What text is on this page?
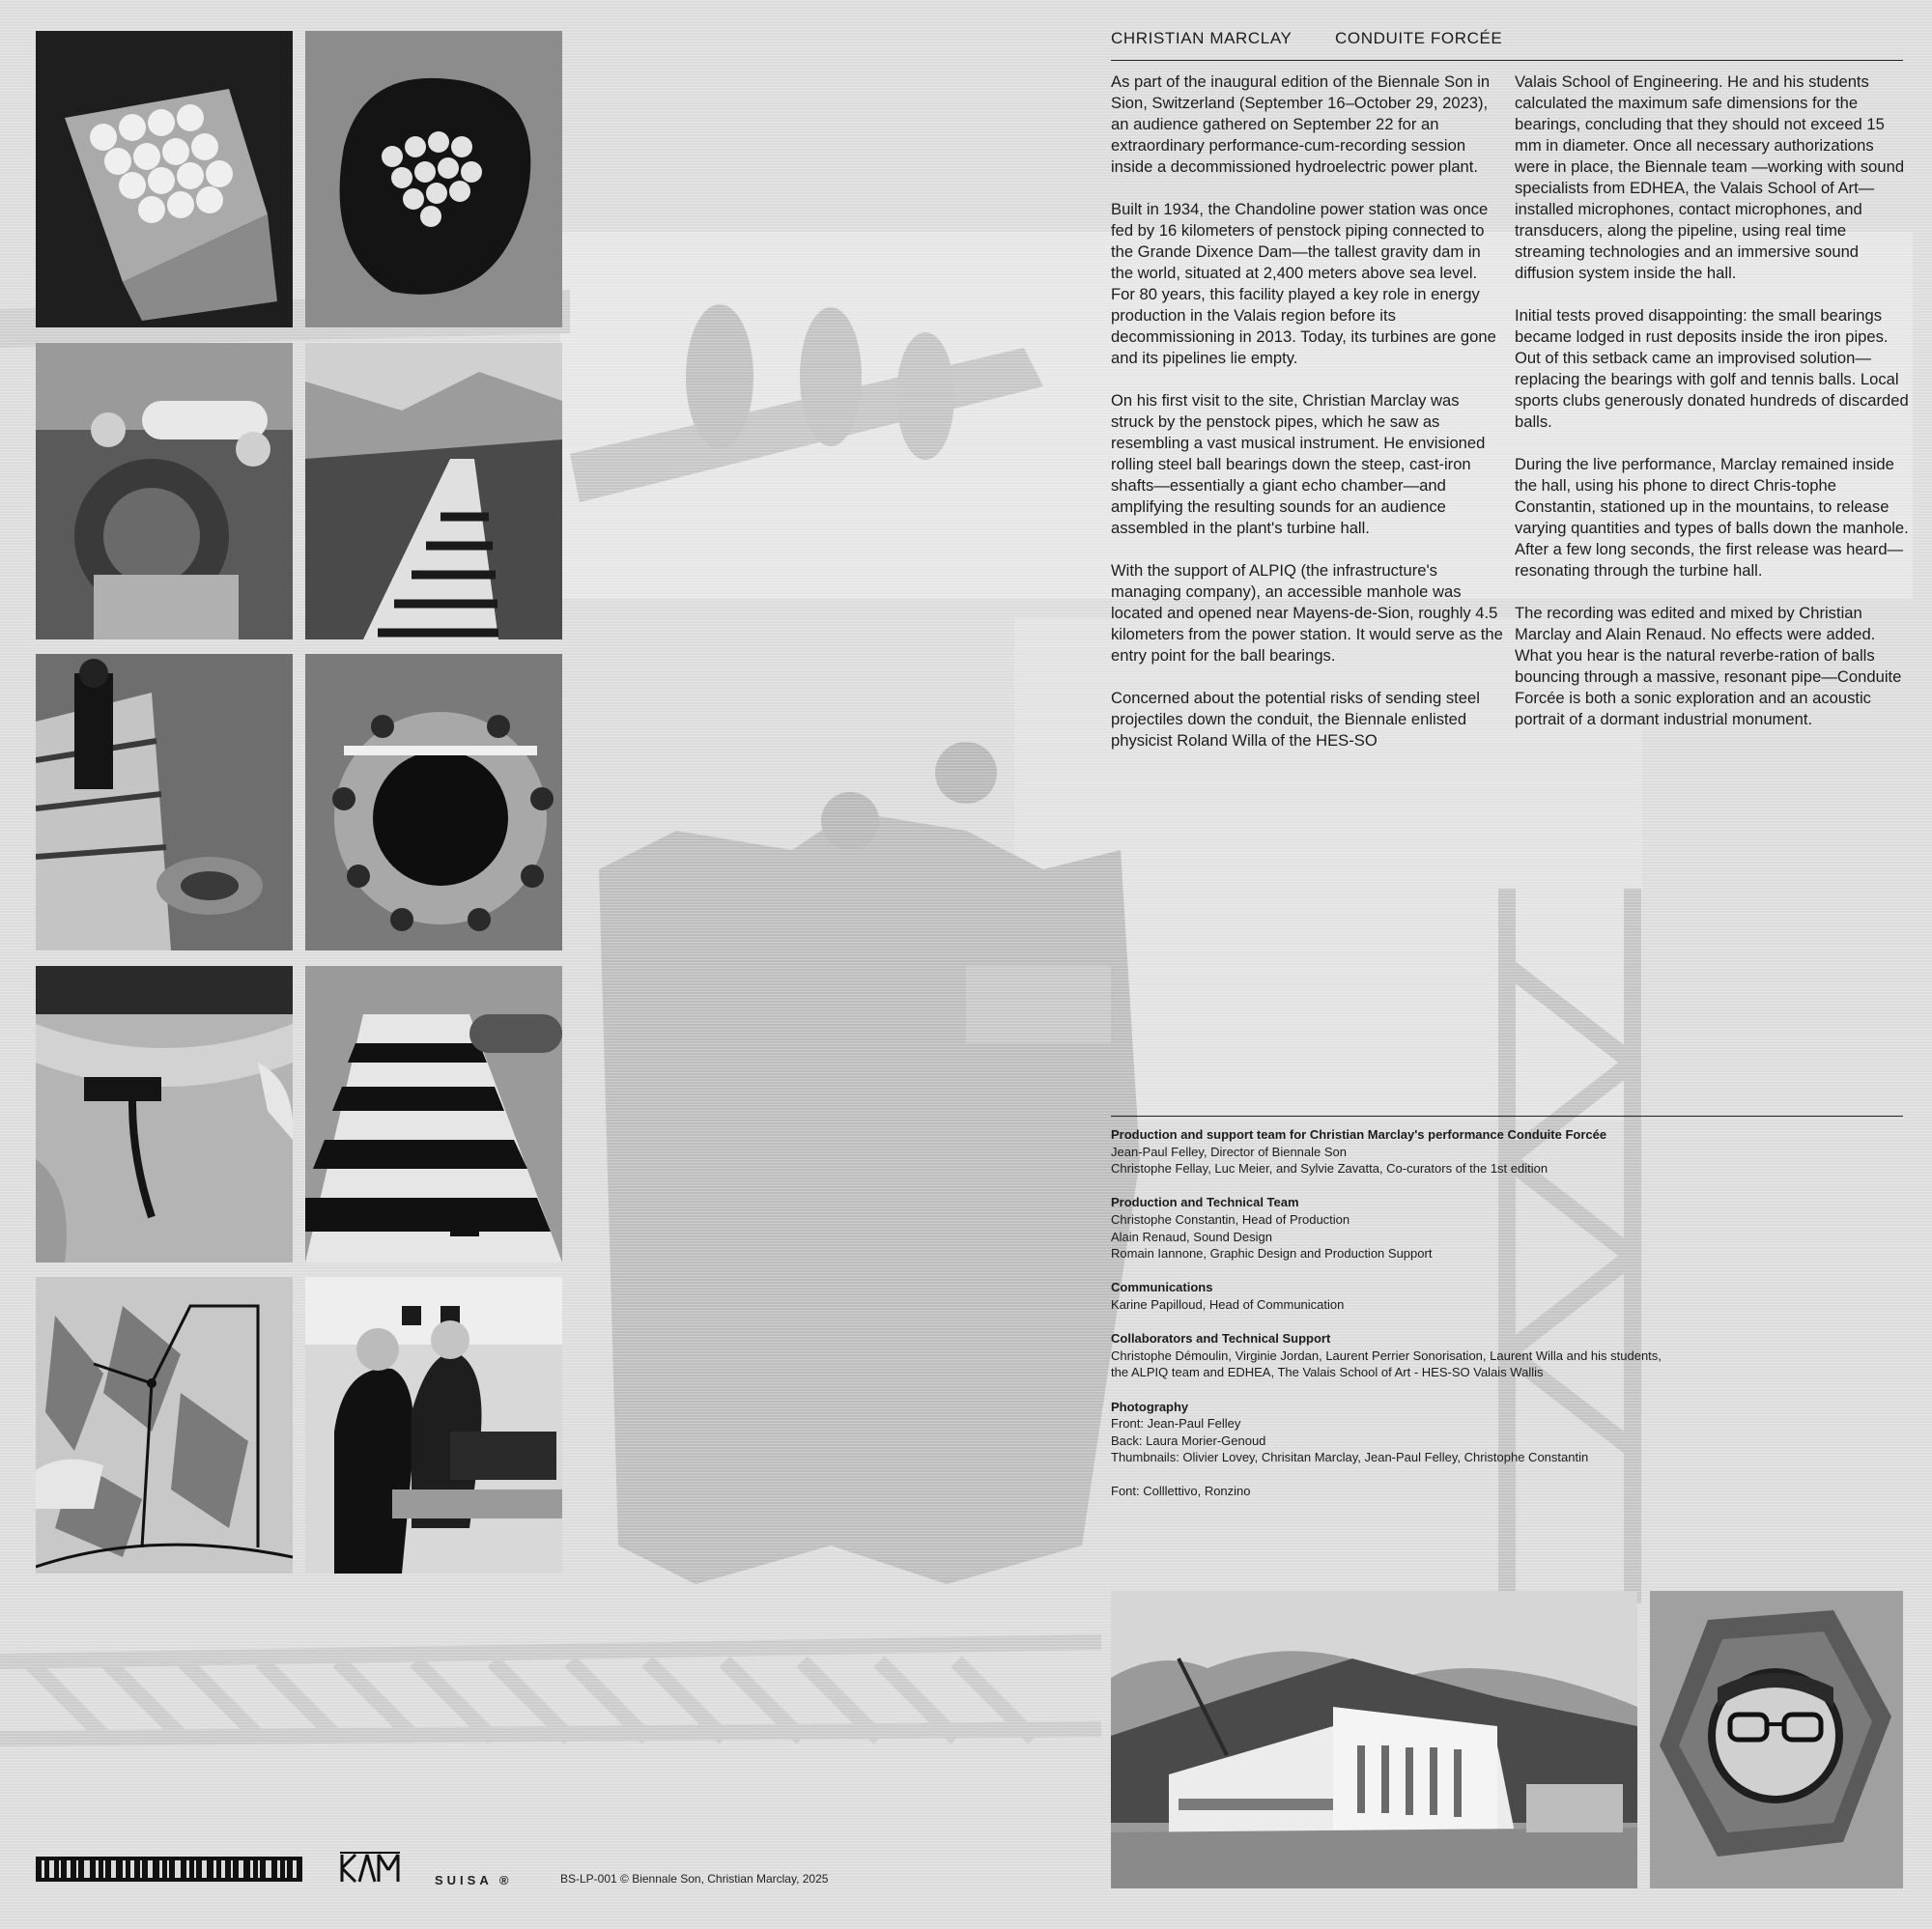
CHRISTIAN MARCLAY	CONDUITE FORCÉE

As part of the inaugural edition of the Biennale Son in Sion, Switzerland (September 16–October 29, 2023), an audience gathered on September 22 for an extraordinary performance-cum-recording session inside a decommissioned hydroelectric power plant.

Built in 1934, the Chandoline power station was once fed by 16 kilometers of penstock piping connected to the Grande Dixence Dam—the tallest gravity dam in the world, situated at 2,400 meters above sea level. For 80 years, this facility played a key role in energy production in the Valais region before its decommissioning in 2013. Today, its turbines are gone and its pipelines lie empty.

On his first visit to the site, Christian Marclay was struck by the penstock pipes, which he saw as resembling a vast musical instrument. He envisioned rolling steel ball bearings down the steep, cast-iron shafts—essentially a giant echo chamber—and amplifying the resulting sounds for an audience assembled in the plant's turbine hall.

With the support of ALPIQ (the infrastructure's managing company), an accessible manhole was located and opened near Mayens-de-Sion, roughly 4.5 kilometers from the power station. It would serve as the entry point for the ball bearings.

Concerned about the potential risks of sending steel projectiles down the conduit, the Biennale enlisted physicist Roland Willa of the HES-SO

Valais School of Engineering. He and his students calculated the maximum safe dimensions for the bearings, concluding that they should not exceed 15 mm in diameter. Once all necessary authorizations were in place, the Biennale team —working with sound specialists from EDHEA, the Valais School of Art—installed microphones, contact microphones, and transducers, along the pipeline, using real time streaming technologies and an immersive sound diffusion system inside the hall.

Initial tests proved disappointing: the small bearings became lodged in rust deposits inside the iron pipes. Out of this setback came an improvised solution—replacing the bearings with golf and tennis balls. Local sports clubs generously donated hundreds of discarded balls.

During the live performance, Marclay remained inside the hall, using his phone to direct Chris-tophe Constantin, stationed up in the mountains, to release varying quantities and types of balls down the manhole. After a few long seconds, the first release was heard—resonating through the turbine hall.

The recording was edited and mixed by Christian Marclay and Alain Renaud. No effects were added. What you hear is the natural reverbe-ration of balls bouncing through a massive, resonant pipe—Conduite Forcée is both a sonic exploration and an acoustic portrait of a dormant industrial monument.

Production and support team for Christian Marclay's performance Conduite Forcée
Jean-Paul Felley, Director of Biennale Son
Christophe Fellay, Luc Meier, and Sylvie Zavatta, Co-curators of the 1st edition
Production and Technical Team
Christophe Constantin, Head of Production
Alain Renaud, Sound Design
Romain Iannone, Graphic Design and Production Support
Communications
Karine Papilloud, Head of Communication
Collaborators and Technical Support
Christophe Démoulin, Virginie Jordan, Laurent Perrier Sonorisation, Laurent Willa and his students,
the ALPIQ team and EDHEA, The Valais School of Art - HES-SO Valais Wallis
Photography
Front: Jean-Paul Felley
Back: Laura Morier-Genoud
Thumbnails: Olivier Lovey, Chrisitan Marclay, Jean-Paul Felley, Christophe Constantin
Font: Colllettivo, Ronzino
SUISA ®	BS-LP-001 © Biennale Son, Christian Marclay, 2025
